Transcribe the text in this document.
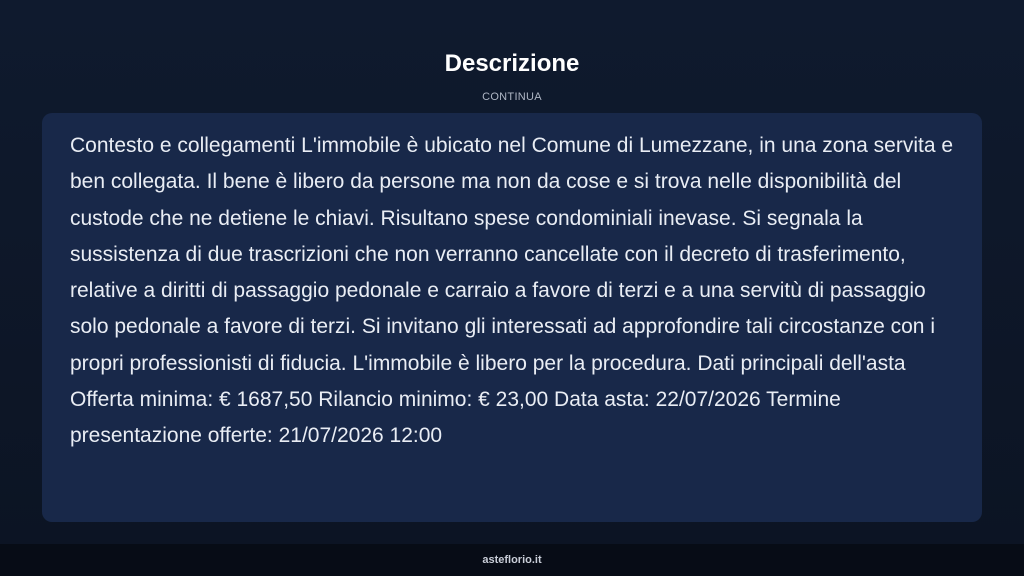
Descrizione
CONTINUA

Contesto e collegamenti L'immobile è ubicato nel Comune di Lumezzane, in una zona servita e ben collegata. Il bene è libero da persone ma non da cose e si trova nelle disponibilità del custode che ne detiene le chiavi. Risultano spese condominiali inevase. Si segnala la sussistenza di due trascrizioni che non verranno cancellate con il decreto di trasferimento, relative a diritti di passaggio pedonale e carraio a favore di terzi e a una servitù di passaggio solo pedonale a favore di terzi. Si invitano gli interessati ad approfondire tali circostanze con i propri professionisti di fiducia. L'immobile è libero per la procedura. Dati principali dell'asta Offerta minima: € 1687,50 Rilancio minimo: € 23,00 Data asta: 22/07/2026 Termine presentazione offerte: 21/07/2026 12:00

asteflorio.it
